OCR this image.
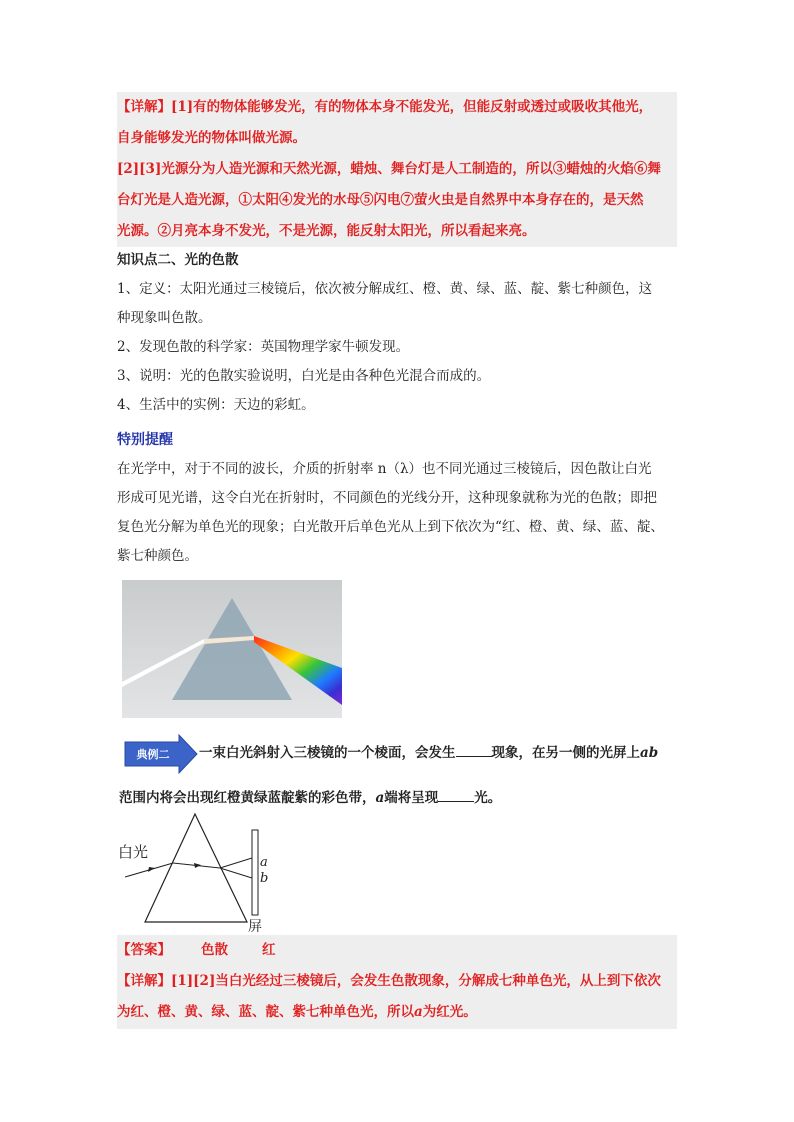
【详解】[1]有的物体能够发光，有的物体本身不能发光，但能反射或透过或吸收其他光，
自身能够发光的物体叫做光源。
[2][3]光源分为人造光源和天然光源，蜡烛、舞台灯是人工制造的，所以③蜡烛的火焰⑥舞
台灯光是人造光源，①太阳④发光的水母⑤闪电⑦萤火虫是自然界中本身存在的，是天然
光源。②月亮本身不发光，不是光源，能反射太阳光，所以看起来亮。
知识点二、光的色散
1、定义：太阳光通过三棱镜后，依次被分解成红、橙、黄、绿、蓝、靛、紫七种颜色，这
种现象叫色散。
2、发现色散的科学家：英国物理学家牛顿发现。
3、说明：光的色散实验说明，白光是由各种色光混合而成的。
4、生活中的实例：天边的彩虹。
特别提醒
在光学中，对于不同的波长，介质的折射率 n（λ）也不同光通过三棱镜后，因色散让白光
形成可见光谱，这令白光在折射时，不同颜色的光线分开，这种现象就称为光的色散；即把
复色光分解为单色光的现象；白光散开后单色光从上到下依次为“红、橙、黄、绿、蓝、靛、
紫七种颜色。
典例二 一束白光斜射入三棱镜的一个棱面，会发生	现象，在另一侧的光屏上ab
范围内将会出现红橙黄绿蓝靛紫的彩色带，a端将呈现	光。
白光
a
b
屏
【答案】 色散	红
【详解】[1][2]当白光经过三棱镜后，会发生色散现象，分解成七种单色光，从上到下依次
为红、橙、黄、绿、蓝、靛、紫七种单色光，所以a为红光。
